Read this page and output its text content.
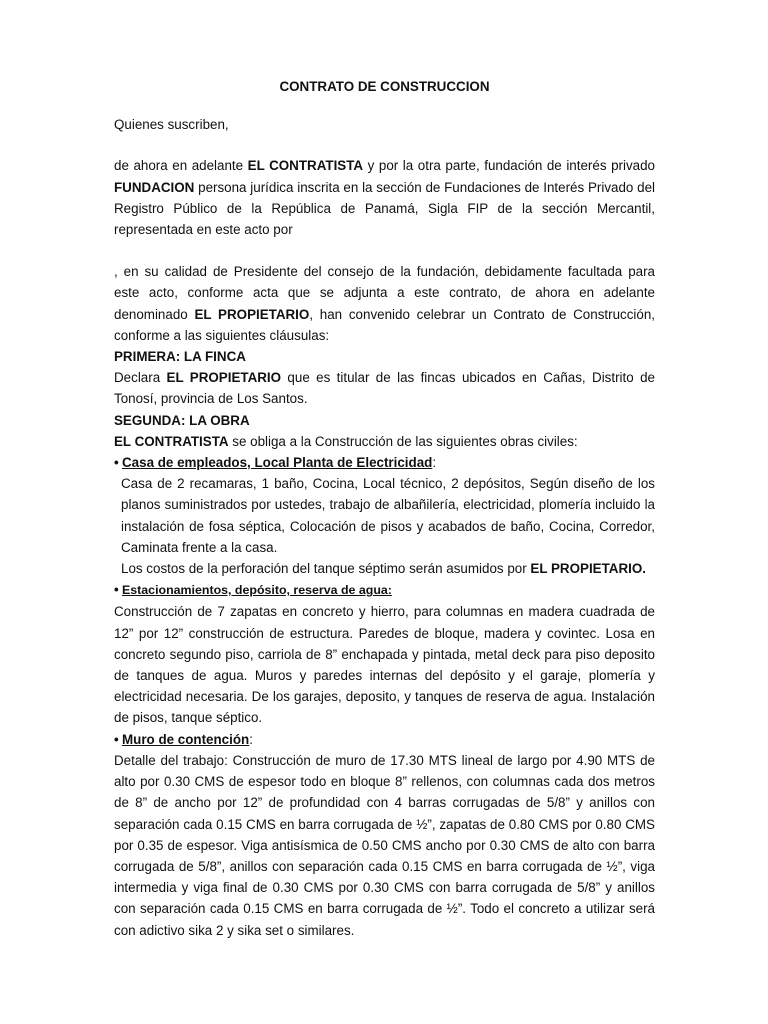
CONTRATO DE CONSTRUCCION

Quienes suscriben,

de ahora en adelante EL CONTRATISTA y por la otra parte, fundación de interés privado FUNDACION persona jurídica inscrita en la sección de Fundaciones de Interés Privado del Registro Público de la República de Panamá, Sigla FIP de la sección Mercantil, representada en este acto por

, en su calidad de Presidente del consejo de la fundación, debidamente facultada para este acto, conforme acta que se adjunta a este contrato, de ahora en adelante denominado EL PROPIETARIO, han convenido celebrar un Contrato de Construcción, conforme a las siguientes cláusulas:

PRIMERA: LA FINCA

Declara EL PROPIETARIO que es titular de las fincas ubicados en Cañas, Distrito de Tonosí, provincia de Los Santos.

SEGUNDA: LA OBRA

EL CONTRATISTA se obliga a la Construcción de las siguientes obras civiles:

• Casa de empleados, Local Planta de Electricidad:

Casa de 2 recamaras, 1 baño, Cocina, Local técnico, 2 depósitos, Según diseño de los planos suministrados por ustedes, trabajo de albañilería, electricidad, plomería incluido la instalación de fosa séptica, Colocación de pisos y acabados de baño, Cocina, Corredor, Caminata frente a la casa.

Los costos de la perforación del tanque séptimo serán asumidos por EL PROPIETARIO.

• Estacionamientos, depósito, reserva de agua:

Construcción de 7 zapatas en concreto y hierro, para columnas en madera cuadrada de 12” por 12” construcción de estructura. Paredes de bloque, madera y covintec. Losa en concreto segundo piso, carriola de 8” enchapada y pintada, metal deck para piso deposito de tanques de agua. Muros y paredes internas del depósito y el garaje, plomería y electricidad necesaria. De los garajes, deposito, y tanques de reserva de agua. Instalación de pisos, tanque séptico.

• Muro de contención:

Detalle del trabajo: Construcción de muro de 17.30 MTS lineal de largo por 4.90 MTS de alto por 0.30 CMS de espesor todo en bloque 8” rellenos, con columnas cada dos metros de 8” de ancho por 12” de profundidad con 4 barras corrugadas de 5/8” y anillos con separación cada 0.15 CMS en barra corrugada de ½”, zapatas de 0.80 CMS por 0.80 CMS por 0.35 de espesor. Viga antisísmica de 0.50 CMS ancho por 0.30 CMS de alto con barra corrugada de 5/8”, anillos con separación cada 0.15 CMS en barra corrugada de ½”, viga intermedia y viga final de 0.30 CMS por 0.30 CMS con barra corrugada de 5/8” y anillos con separación cada 0.15 CMS en barra corrugada de ½”. Todo el concreto a utilizar será con adictivo sika 2 y sika set o similares.
